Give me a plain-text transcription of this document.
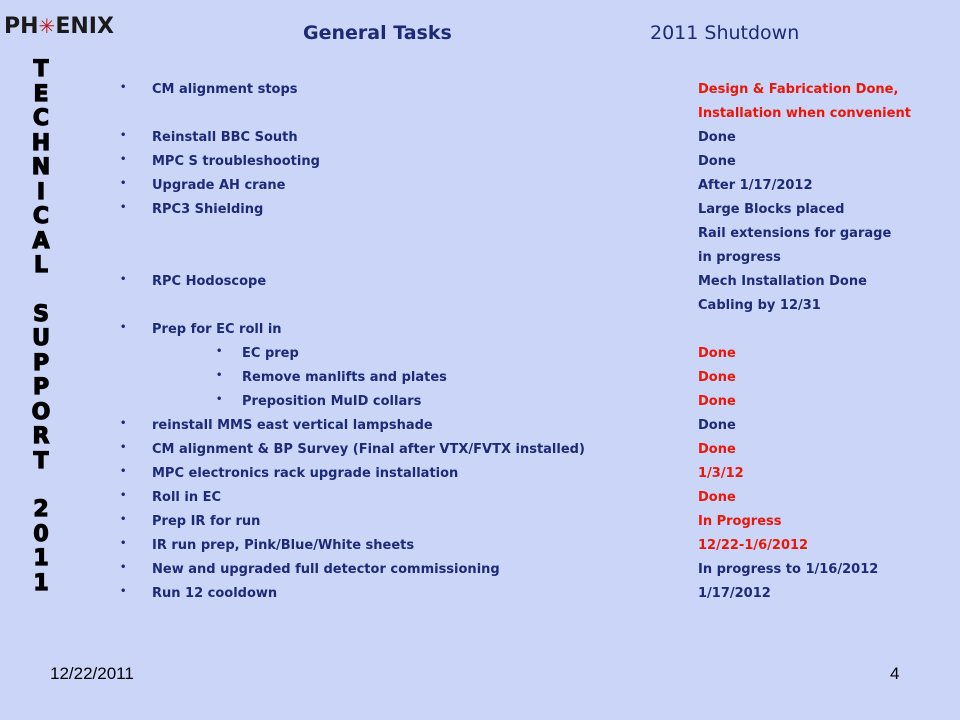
PH✳ENIX
T
E
C
H
N
I
C
A
L
S
U
P
P
O
R
T
2
0
1
1
General Tasks	2011 Shutdown
• CM alignment stops	Design & Fabrication Done,
Installation when convenient
• Reinstall BBC South	Done
• MPC S troubleshooting	Done
• Upgrade AH crane	After 1/17/2012
• RPC3 Shielding	Large Blocks placed
Rail extensions for garage
in progress
• RPC Hodoscope	Mech Installation Done
Cabling by 12/31
• Prep for EC roll in
• EC prep	Done
• Remove manlifts and plates	Done
• Preposition MuID collars	Done
• reinstall MMS east vertical lampshade	Done
• CM alignment & BP Survey (Final after VTX/FVTX installed)	Done
• MPC electronics rack upgrade installation	1/3/12
• Roll in EC	Done
• Prep IR for run	In Progress
• IR run prep, Pink/Blue/White sheets	12/22-1/6/2012
• New and upgraded full detector commissioning	In progress to 1/16/2012
• Run 12 cooldown	1/17/2012
12/22/2011	4
